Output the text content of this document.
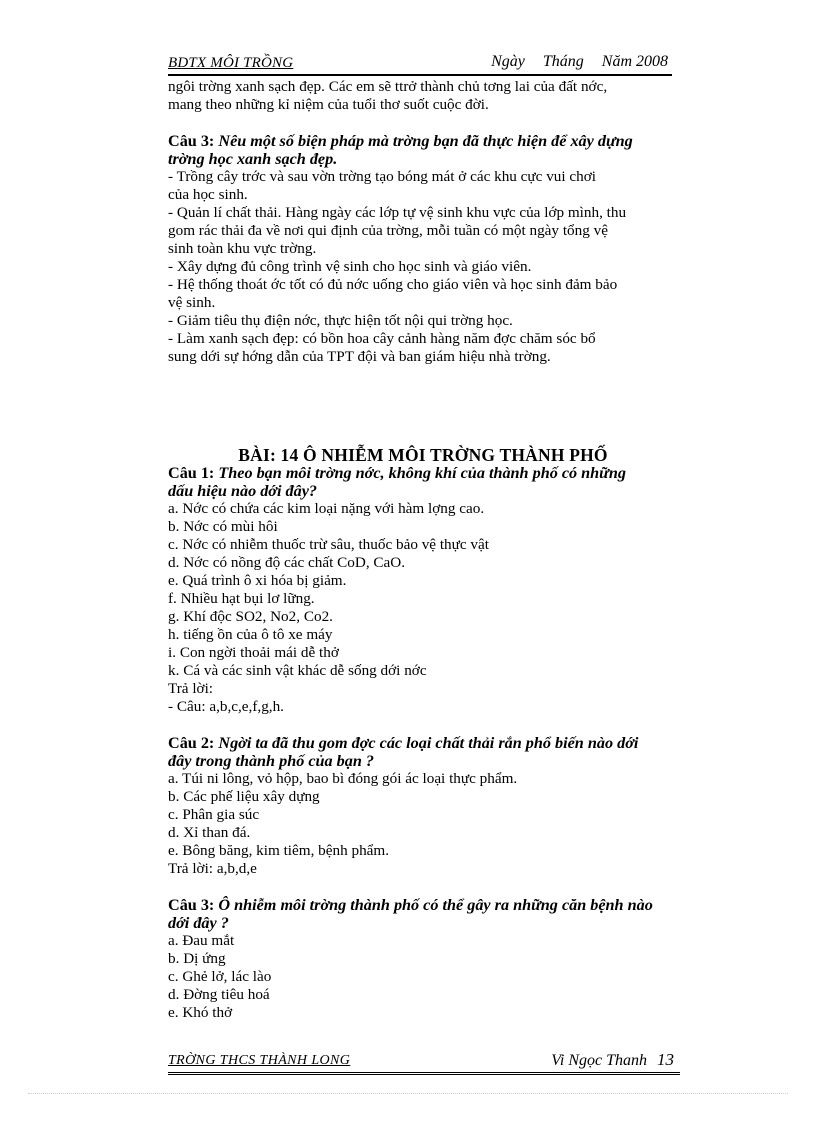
BDTX MÔI TRỒNG	Ngày Tháng Năm 2008

ngôi trờng xanh sạch đẹp. Các em sẽ ttrở thành chủ tơng lai của đất nớc,

mang theo những kỉ niệm của tuổi thơ suốt cuộc đời.

Câu 3: Nêu một số biện pháp mà trờng bạn đã thực hiện để xây dựng
trờng học xanh sạch đẹp.

- Trồng cây trớc và sau vờn trờng tạo bóng mát ở các khu cực vui chơi

của học sinh.

- Quản lí chất thải. Hàng ngày các lớp tự vệ sinh khu vực của lớp mình, thu

gom rác thải đa về nơi qui định của trờng, mỗi tuần có một ngày tổng vệ

sinh toàn khu vực trờng.

- Xây dựng đủ công trình vệ sinh cho học sinh và giáo viên.

- Hệ thống thoát ớc tốt có đủ nớc uống cho giáo viên và học sinh đảm bảo

vệ sinh.

- Giảm tiêu thụ điện nớc, thực hiện tốt nội qui trờng học.

- Làm xanh sạch đẹp: có bồn hoa cây cảnh hàng năm đợc chăm sóc bổ

sung dới sự hớng dẫn của TPT đội và ban giám hiệu nhà trờng.

BÀI: 14 Ô NHIỄM MÔI TRỜNG THÀNH PHỐ

Câu 1: Theo bạn môi trờng nớc, không khí của thành phố có những
dấu hiệu nào dới đây?

a. Nớc có chứa các kim loại nặng với hàm lợng cao.

b. Nớc có mùi hôi

c. Nớc có nhiễm thuốc trừ sâu, thuốc bảo vệ thực vật

d. Nớc có nồng độ các chất CoD, CaO.

e. Quá trình ô xi hóa bị giảm.

f. Nhiều hạt bụi lơ lững.

g. Khí độc SO2, No2, Co2.

h. tiếng ồn của ô tô xe máy

i. Con ngời thoải mái dễ thở

k. Cá và các sinh vật khác dễ sống dới nớc

Trả lời:

- Câu: a,b,c,e,f,g,h.

Câu 2: Ngời ta đã thu gom đợc các loại chất thải rắn phổ biến nào dới
đây trong thành phố của bạn ?

a. Túi ni lông, vỏ hộp, bao bì đóng gói ác loại thực phẩm.

b. Các phế liệu xây dựng

c. Phân gia súc

d. Xỉ than đá.

e. Bông băng, kim tiêm, bệnh phẩm.

Trả lời: a,b,d,e

Câu 3: Ô nhiễm môi trờng thành phố có thể gây ra những căn bệnh nào
dới đây ?

a. Đau mắt

b. Dị ứng

c. Ghẻ lở, lác lào

d. Đờng tiêu hoá

e. Khó thở

TRỜNG THCS THÀNH LONG	Vi Ngọc Thanh 13
